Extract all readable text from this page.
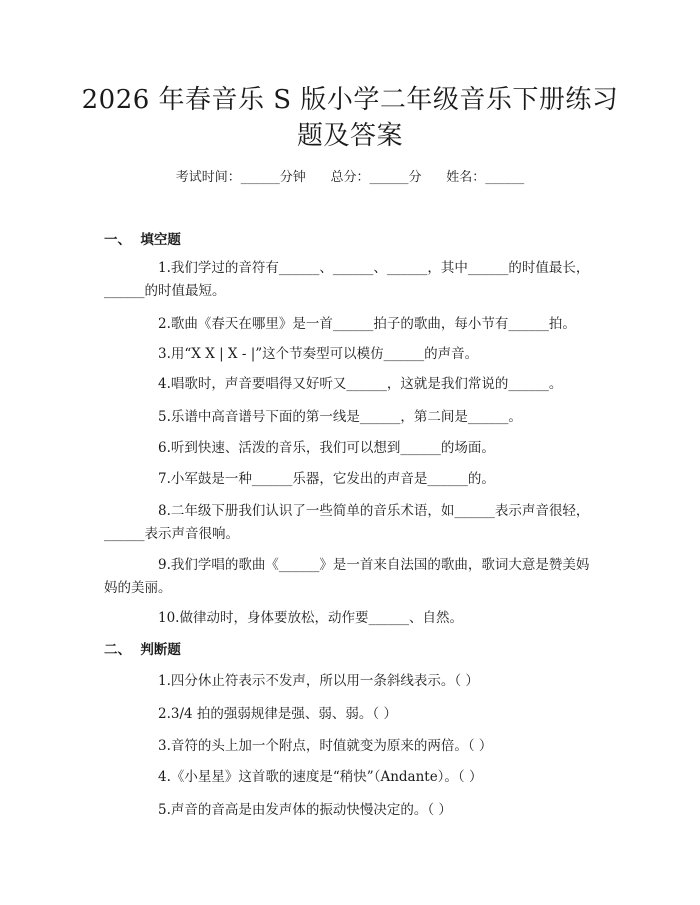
2026 年春音乐 S 版小学二年级音乐下册练习
题及答案
考试时间：______分钟      总分：______分      姓名：______
一、  填空题
1.我们学过的音符有______、______、______，其中______的时值最长，______的时值最短。
2.歌曲《春天在哪里》是一首______拍子的歌曲，每小节有______拍。
3.用“X X | X - |”这个节奏型可以模仿______的声音。
4.唱歌时，声音要唱得又好听又______，这就是我们常说的______。
5.乐谱中高音谱号下面的第一线是______，第二间是______。
6.听到快速、活泼的音乐，我们可以想到______的场面。
7.小军鼓是一种______乐器，它发出的声音是______的。
8.二年级下册我们认识了一些简单的音乐术语，如______表示声音很轻，______表示声音很响。
9.我们学唱的歌曲《______》是一首来自法国的歌曲，歌词大意是赞美妈妈的美丽。
10.做律动时，身体要放松，动作要______、自然。
二、  判断题
1.四分休止符表示不发声，所以用一条斜线表示。（ ）
2.3/4 拍的强弱规律是强、弱、弱。（ ）
3.音符的头上加一个附点，时值就变为原来的两倍。（ ）
4.《小星星》这首歌的速度是“稍快”（Andante）。（ ）
5.声音的音高是由发声体的振动快慢决定的。（ ）
